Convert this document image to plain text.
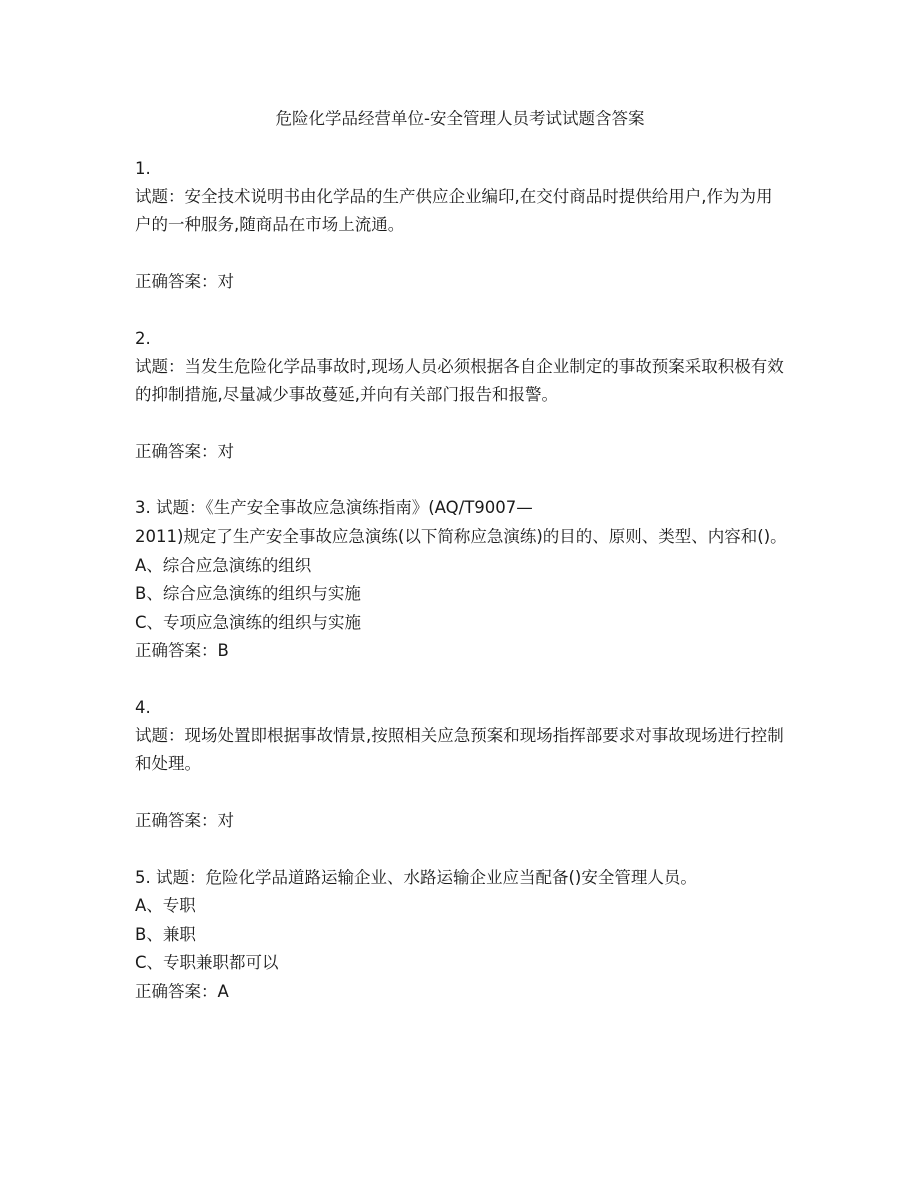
危险化学品经营单位-安全管理人员考试试题含答案
1.
试题：安全技术说明书由化学品的生产供应企业编印,在交付商品时提供给用户,作为为用
户的一种服务,随商品在市场上流通。
正确答案：对
2.
试题：当发生危险化学品事故时,现场人员必须根据各自企业制定的事故预案采取积极有效
的抑制措施,尽量减少事故蔓延,并向有关部门报告和报警。
正确答案：对
3. 试题：《生产安全事故应急演练指南》(AQ/T9007—
2011)规定了生产安全事故应急演练(以下简称应急演练)的目的、原则、类型、内容和()。
A、综合应急演练的组织
B、综合应急演练的组织与实施
C、专项应急演练的组织与实施
正确答案：B
4.
试题：现场处置即根据事故情景,按照相关应急预案和现场指挥部要求对事故现场进行控制
和处理。
正确答案：对
5. 试题：危险化学品道路运输企业、水路运输企业应当配备()安全管理人员。
A、专职
B、兼职
C、专职兼职都可以
正确答案：A
